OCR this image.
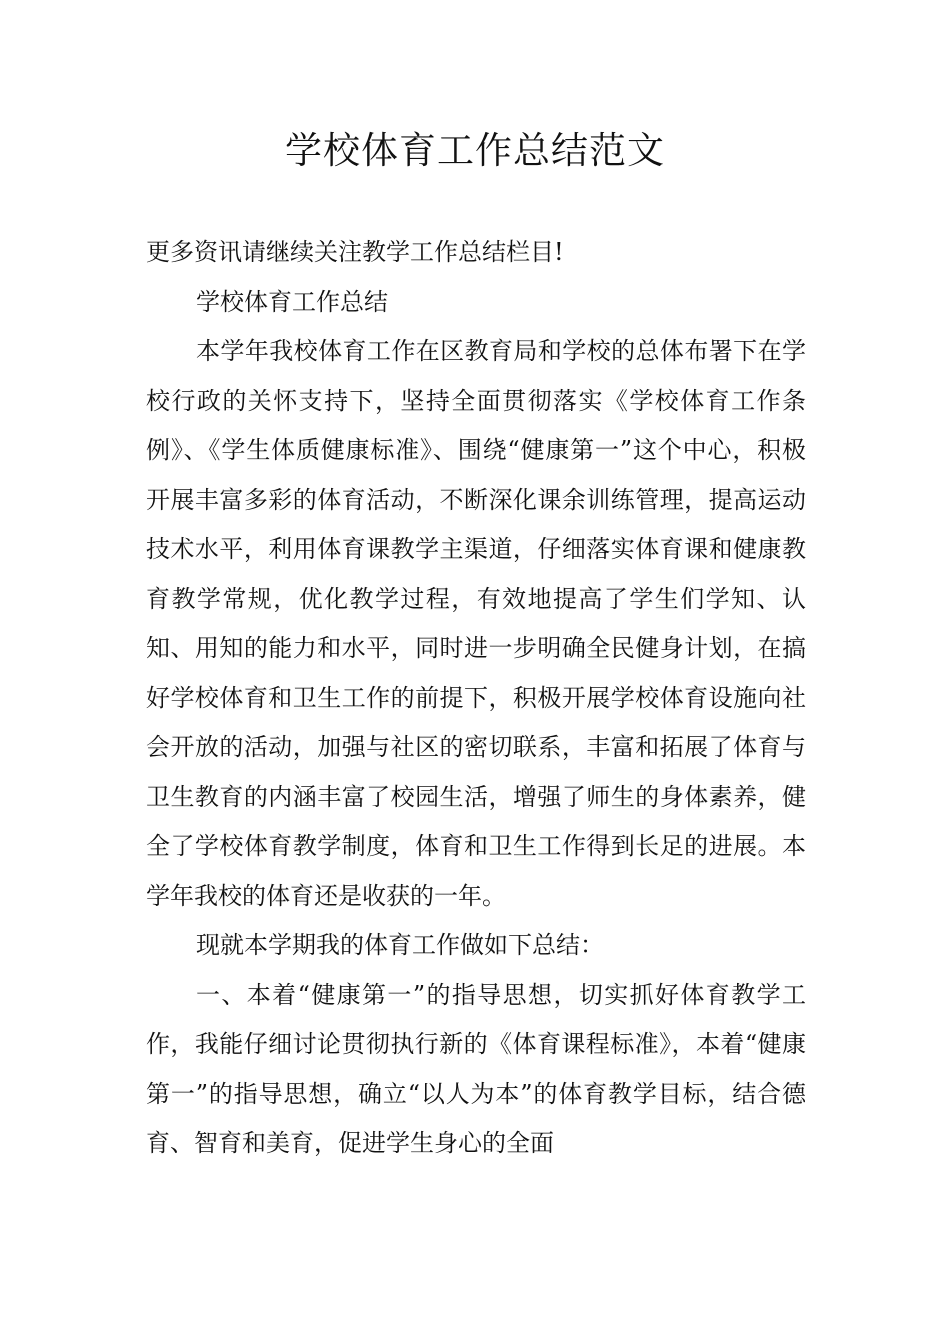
学校体育工作总结范文

更多资讯请继续关注教学工作总结栏目!

学校体育工作总结

本学年我校体育工作在区教育局和学校的总体布署下在学校行政的关怀支持下，坚持全面贯彻落实《学校体育工作条例》、《学生体质健康标准》、围绕“健康第一”这个中心，积极开展丰富多彩的体育活动，不断深化课余训练管理，提高运动技术水平，利用体育课教学主渠道，仔细落实体育课和健康教育教学常规，优化教学过程，有效地提高了学生们学知、认知、用知的能力和水平，同时进一步明确全民健身计划，在搞好学校体育和卫生工作的前提下，积极开展学校体育设施向社会开放的活动，加强与社区的密切联系，丰富和拓展了体育与卫生教育的内涵丰富了校园生活，增强了师生的身体素养，健全了学校体育教学制度，体育和卫生工作得到长足的进展。本学年我校的体育还是收获的一年。

现就本学期我的体育工作做如下总结：

一、本着“健康第一”的指导思想，切实抓好体育教学工作，我能仔细讨论贯彻执行新的《体育课程标准》，本着“健康第一”的指导思想，确立“以人为本”的体育教学目标，结合德育、智育和美育，促进学生身心的全面
